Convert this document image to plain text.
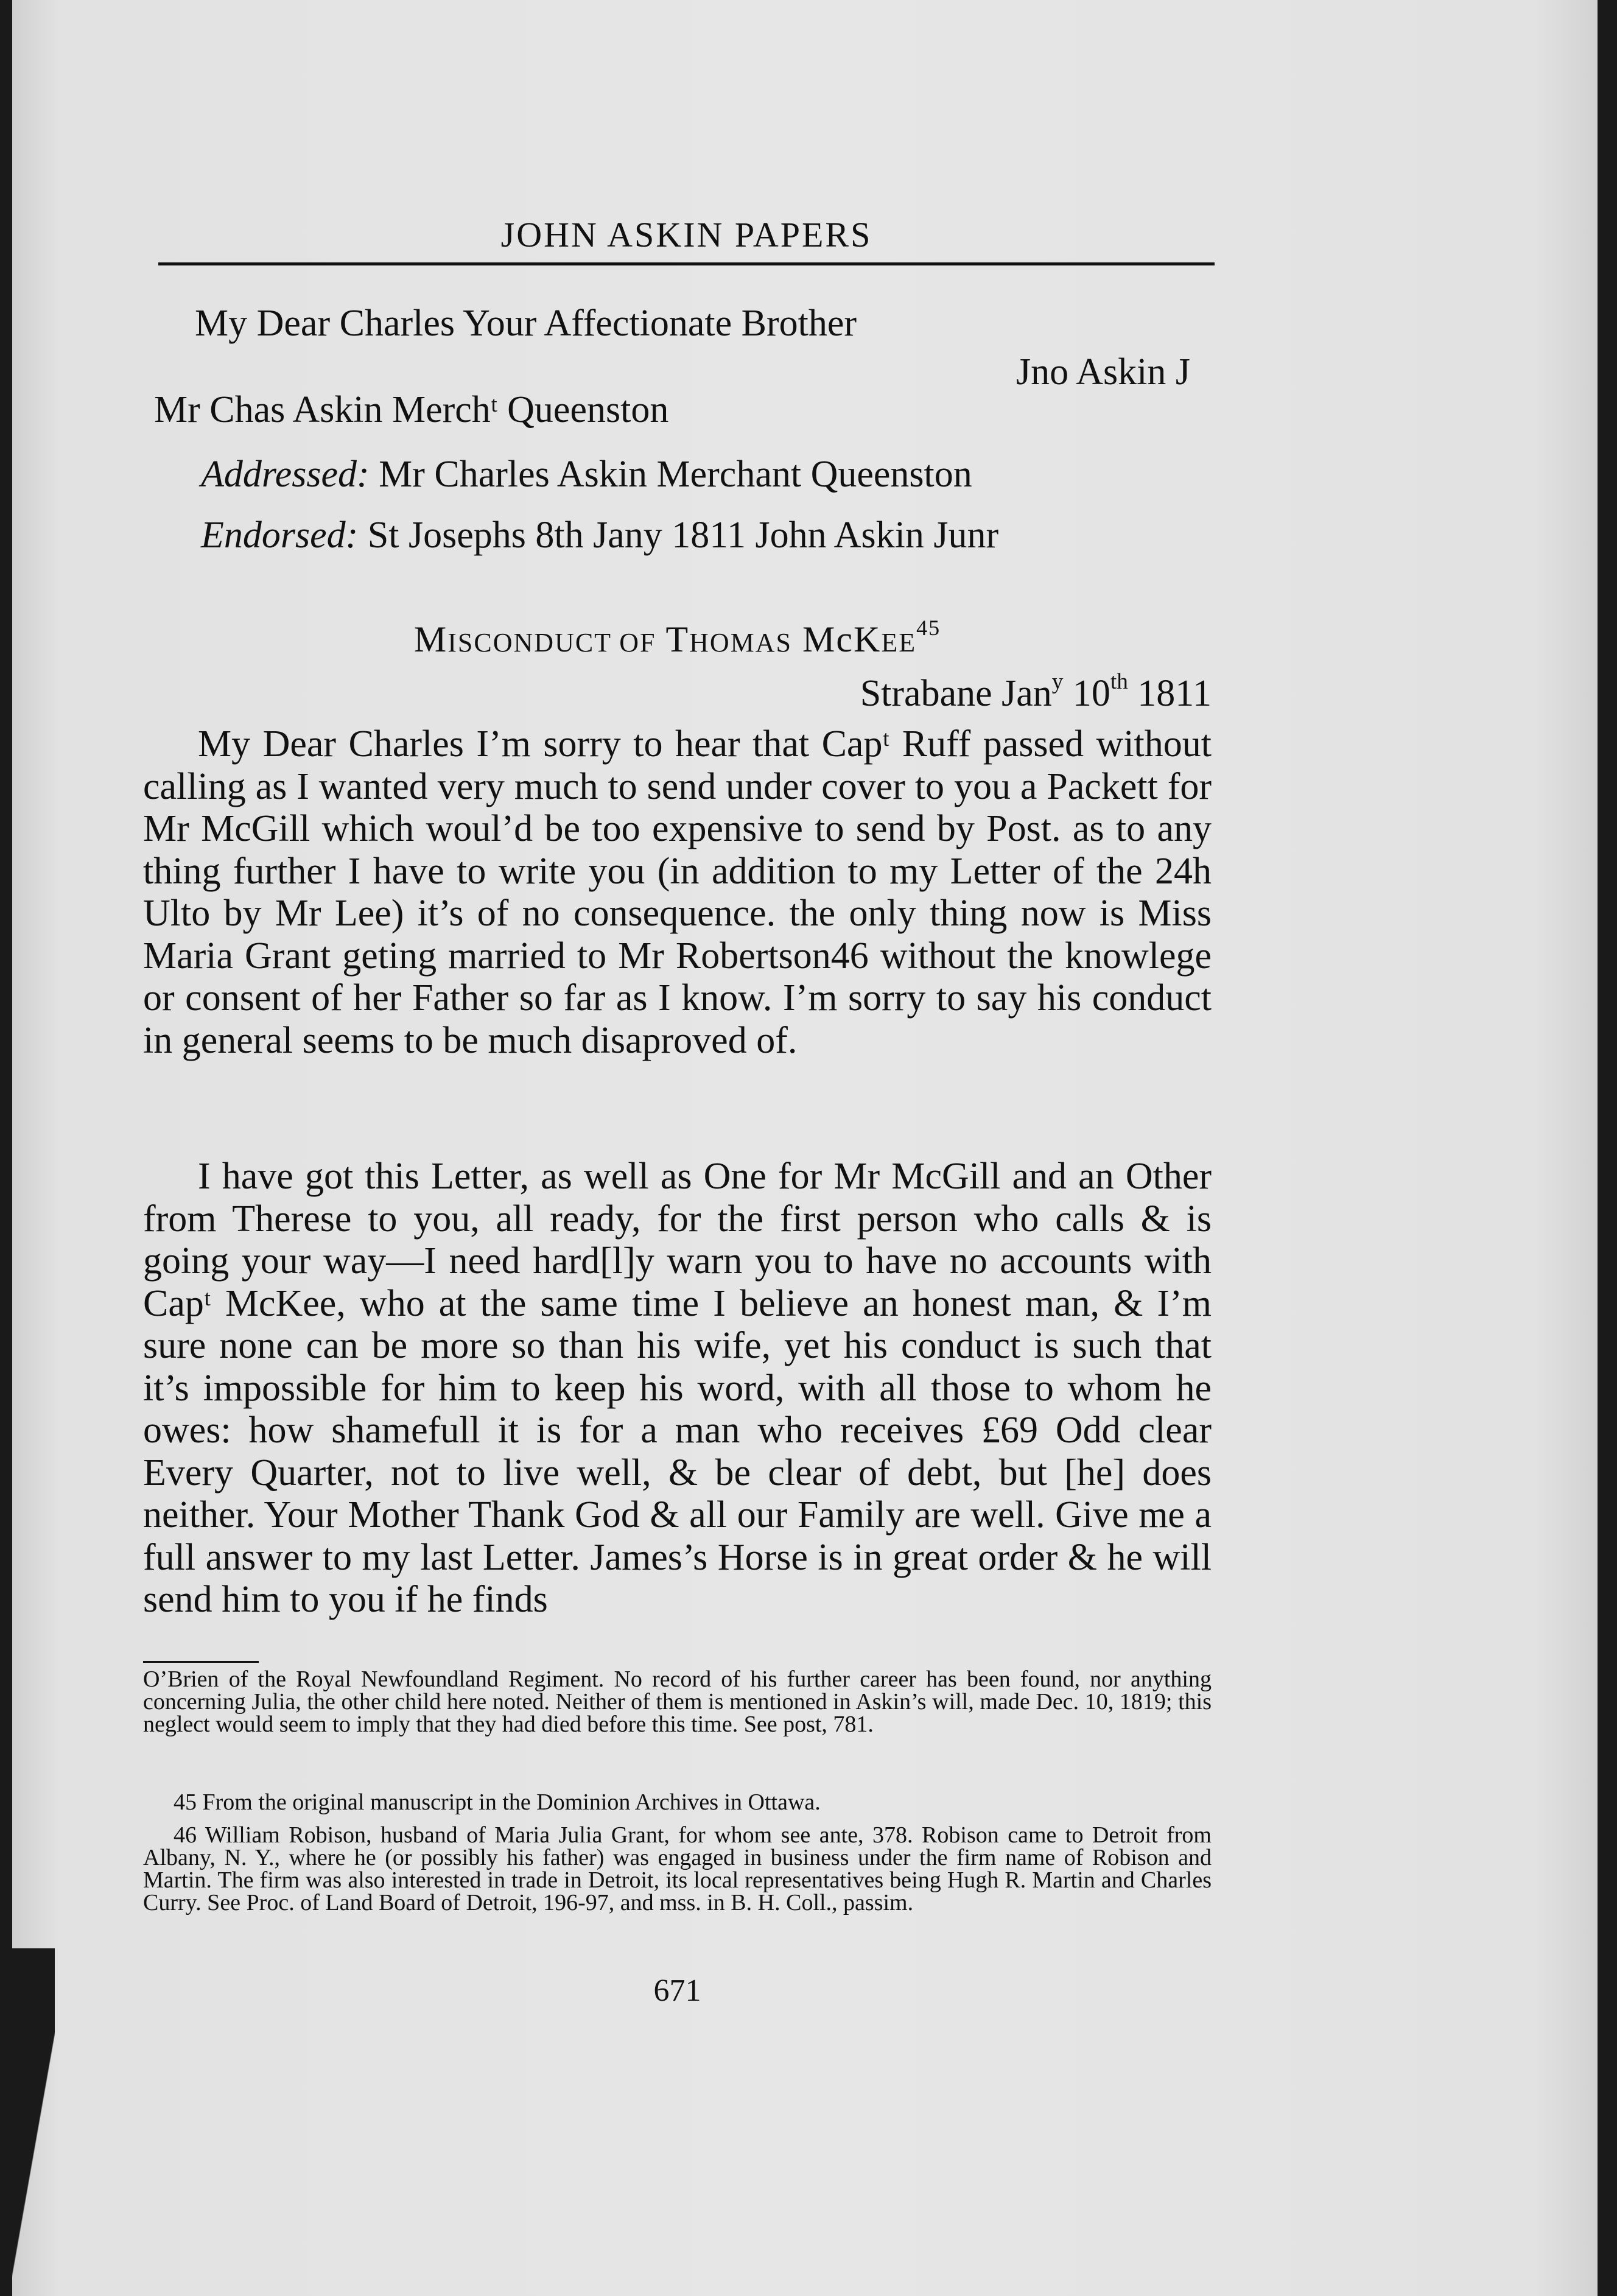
JOHN ASKIN PAPERS
My Dear Charles Your Affectionate Brother
Jno Askin J
Mr Chas Askin Merchᵗ Queenston
Addressed: Mr Charles Askin Merchant Queenston
Endorsed: St Josephs 8th Jany 1811 John Askin Junr
MISCONDUCT OF THOMAS McKEE$^{45}$
Strabane Jan$^y$ 10th 1811
My Dear Charles I’m sorry to hear that Capᵗ Ruff passed without calling as I wanted very much to send under cover to you a Packett for Mr McGill which woul’d be too expensive to send by Post. as to any thing further I have to write you (in addition to my Letter of the 24h Ulto by Mr Lee) it’s of no consequence. the only thing now is Miss Maria Grant geting married to Mr Robertson46 without the knowlege or consent of her Father so far as I know. I’m sorry to say his conduct in general seems to be much disaproved of.
I have got this Letter, as well as One for Mr McGill and an Other from Therese to you, all ready, for the first person who calls & is going your way—I need hard[l]y warn you to have no accounts with Capᵗ McKee, who at the same time I believe an honest man, & I’m sure none can be more so than his wife, yet his conduct is such that it’s impossible for him to keep his word, with all those to whom he owes: how shamefull it is for a man who receives £69 Odd clear Every Quarter, not to live well, & be clear of debt, but [he] does neither. Your Mother Thank God & all our Family are well. Give me a full answer to my last Letter. James’s Horse is in great order & he will send him to you if he finds
O’Brien of the Royal Newfoundland Regiment. No record of his further career has been found, nor anything concerning Julia, the other child here noted. Neither of them is mentioned in Askin’s will, made Dec. 10, 1819; this neglect would seem to imply that they had died before this time. See post, 781.
45 From the original manuscript in the Dominion Archives in Ottawa.
46 William Robison, husband of Maria Julia Grant, for whom see ante, 378. Robison came to Detroit from Albany, N. Y., where he (or possibly his father) was engaged in business under the firm name of Robison and Martin. The firm was also interested in trade in Detroit, its local representatives being Hugh R. Martin and Charles Curry. See Proc. of Land Board of Detroit, 196-97, and mss. in B. H. Coll., passim.
671
